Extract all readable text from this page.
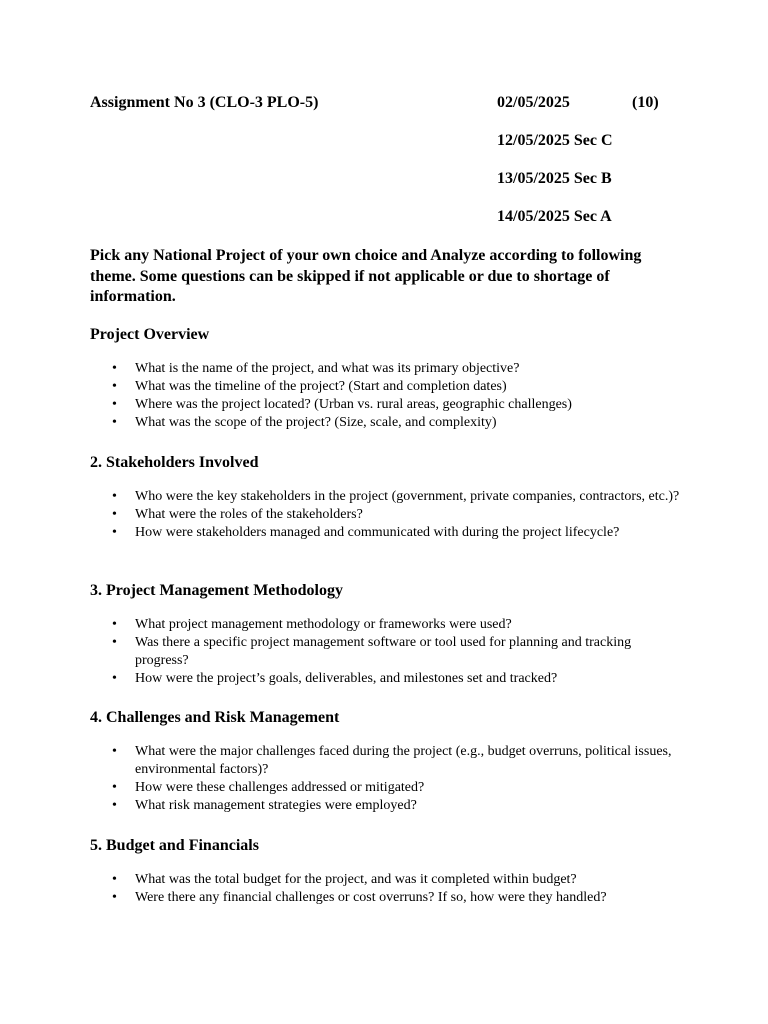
Assignment No 3 (CLO-3 PLO-5)	02/05/2025	(10)
12/05/2025 Sec C
13/05/2025 Sec B
14/05/2025 Sec A
Pick any National Project of your own choice and Analyze according to following theme. Some questions can be skipped if not applicable or due to shortage of information.

Project Overview

• What is the name of the project, and what was its primary objective?
• What was the timeline of the project? (Start and completion dates)
• Where was the project located? (Urban vs. rural areas, geographic challenges)
• What was the scope of the project? (Size, scale, and complexity)

2. Stakeholders Involved

• Who were the key stakeholders in the project (government, private companies, contractors, etc.)?
• What were the roles of the stakeholders?
• How were stakeholders managed and communicated with during the project lifecycle?

3. Project Management Methodology

• What project management methodology or frameworks were used?
• Was there a specific project management software or tool used for planning and tracking progress?
• How were the project’s goals, deliverables, and milestones set and tracked?

4. Challenges and Risk Management

• What were the major challenges faced during the project (e.g., budget overruns, political issues, environmental factors)?
• How were these challenges addressed or mitigated?
• What risk management strategies were employed?

5. Budget and Financials

• What was the total budget for the project, and was it completed within budget?
• Were there any financial challenges or cost overruns? If so, how were they handled?
